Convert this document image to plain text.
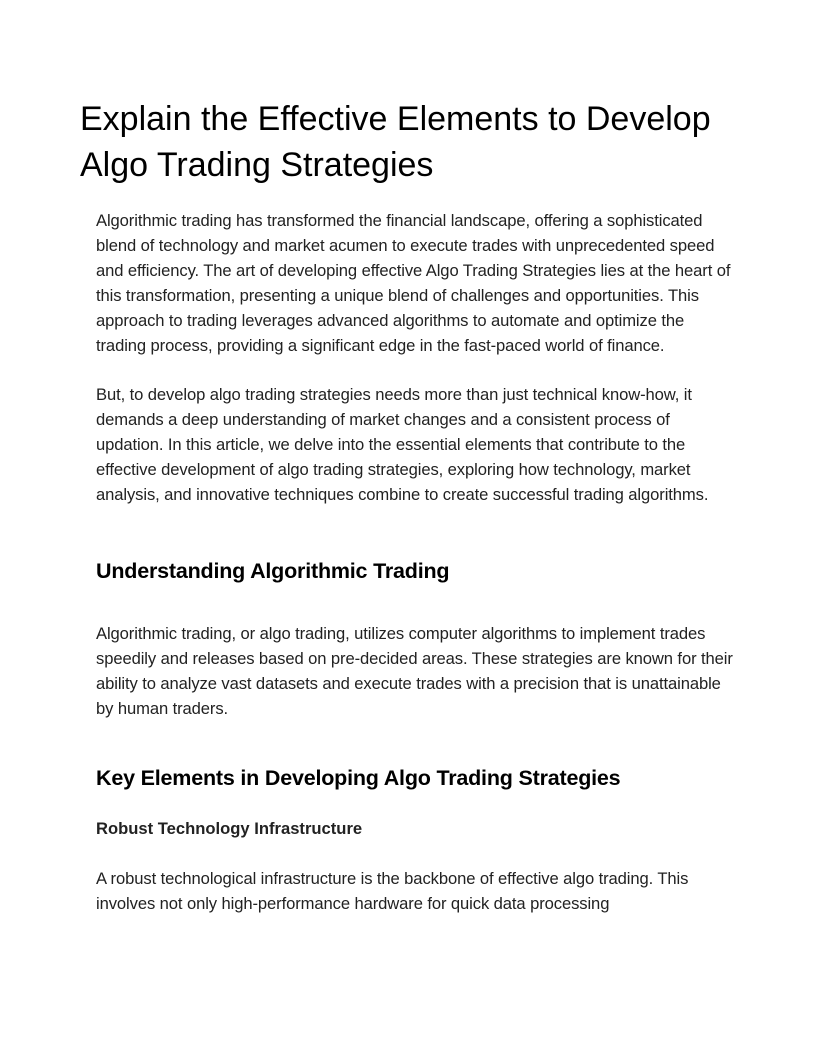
Explain the Effective Elements to Develop Algo Trading Strategies

Algorithmic trading has transformed the financial landscape, offering a sophisticated blend of technology and market acumen to execute trades with unprecedented speed and efficiency. The art of developing effective Algo Trading Strategies lies at the heart of this transformation, presenting a unique blend of challenges and opportunities. This approach to trading leverages advanced algorithms to automate and optimize the trading process, providing a significant edge in the fast-paced world of finance.

But, to develop algo trading strategies needs more than just technical know-how, it demands a deep understanding of market changes and a consistent process of updation. In this article, we delve into the essential elements that contribute to the effective development of algo trading strategies, exploring how technology, market analysis, and innovative techniques combine to create successful trading algorithms.

Understanding Algorithmic Trading

Algorithmic trading, or algo trading, utilizes computer algorithms to implement trades speedily and releases based on pre-decided areas. These strategies are known for their ability to analyze vast datasets and execute trades with a precision that is unattainable by human traders.

Key Elements in Developing Algo Trading Strategies
Robust Technology Infrastructure

A robust technological infrastructure is the backbone of effective algo trading. This involves not only high-performance hardware for quick data processing
